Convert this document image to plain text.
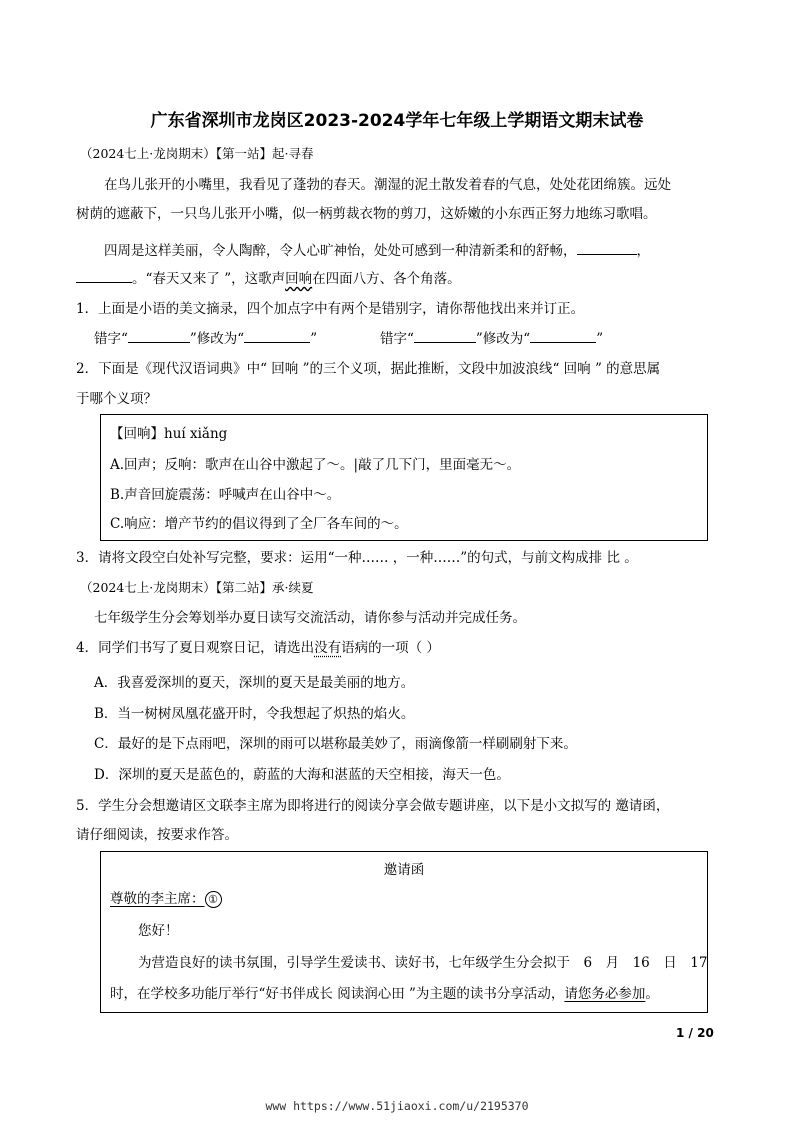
广东省深圳市龙岗区2023-2024学年七年级上学期语文期末试卷
（2024七上·龙岗期末）【第一站】起·寻春
在鸟儿张开的小嘴里，我看见了蓬勃的春天。潮湿的泥土散发着春的气息，处处花团绵簇。远处
树荫的遮蔽下，一只鸟儿张开小嘴，似一柄剪裁衣物的剪刀，这娇嫩的小东西正努力地练习歌唱。
四周是这样美丽，令人陶醉，令人心旷神怡，处处可感到一种清新柔和的舒畅，	，
。“春天又来了 ”，这歌声回响在四面八方、各个角落。
1．上面是小语的美文摘录，四个加点字中有两个是错别字，请你帮他找出来并订正。
错字“	”修改为“	”	错字“	”修改为“	”
2．下面是《现代汉语词典》中“ 回响 ”的三个义项，据此推断，文段中加波浪线“ 回响 ” 的意思属
于哪个义项？
【回响】huí xiǎng
A.回声；反响：歌声在山谷中激起了～。|敲了几下门，里面毫无～。
B.声音回旋震荡：呼喊声在山谷中～。
C.响应：增产节约的倡议得到了全厂各车间的～。
3．请将文段空白处补写完整，要求：运用“一种…… ，一种……”的句式，与前文构成排 比 。
（2024七上·龙岗期末）【第二站】承·续夏
七年级学生分会筹划举办夏日读写交流活动，请你参与活动并完成任务。
4．同学们书写了夏日观察日记，请选出没有语病的一项（ ）
A．我喜爱深圳的夏天，深圳的夏天是最美丽的地方。
B．当一树树凤凰花盛开时，令我想起了炽热的焰火。
C．最好的是下点雨吧，深圳的雨可以堪称最美妙了，雨滴像箭一样刷刷射下来。
D．深圳的夏天是蓝色的，蔚蓝的大海和湛蓝的天空相接，海天一色。
5．学生分会想邀请区文联李主席为即将进行的阅读分享会做专题讲座，以下是小文拟写的 邀请函，
请仔细阅读，按要求作答。
邀请函
尊敬的李主席： ①
您好！
为营造良好的读书氛围，引导学生爱读书、读好书，七年级学生分会拟于　6　月　16　日　17
时，在学校多功能厅举行“好书伴成长 阅读润心田 ”为主题的读书分享活动，请您务必参加。
1 / 20
www https://www.51jiaoxi.com/u/2195370
